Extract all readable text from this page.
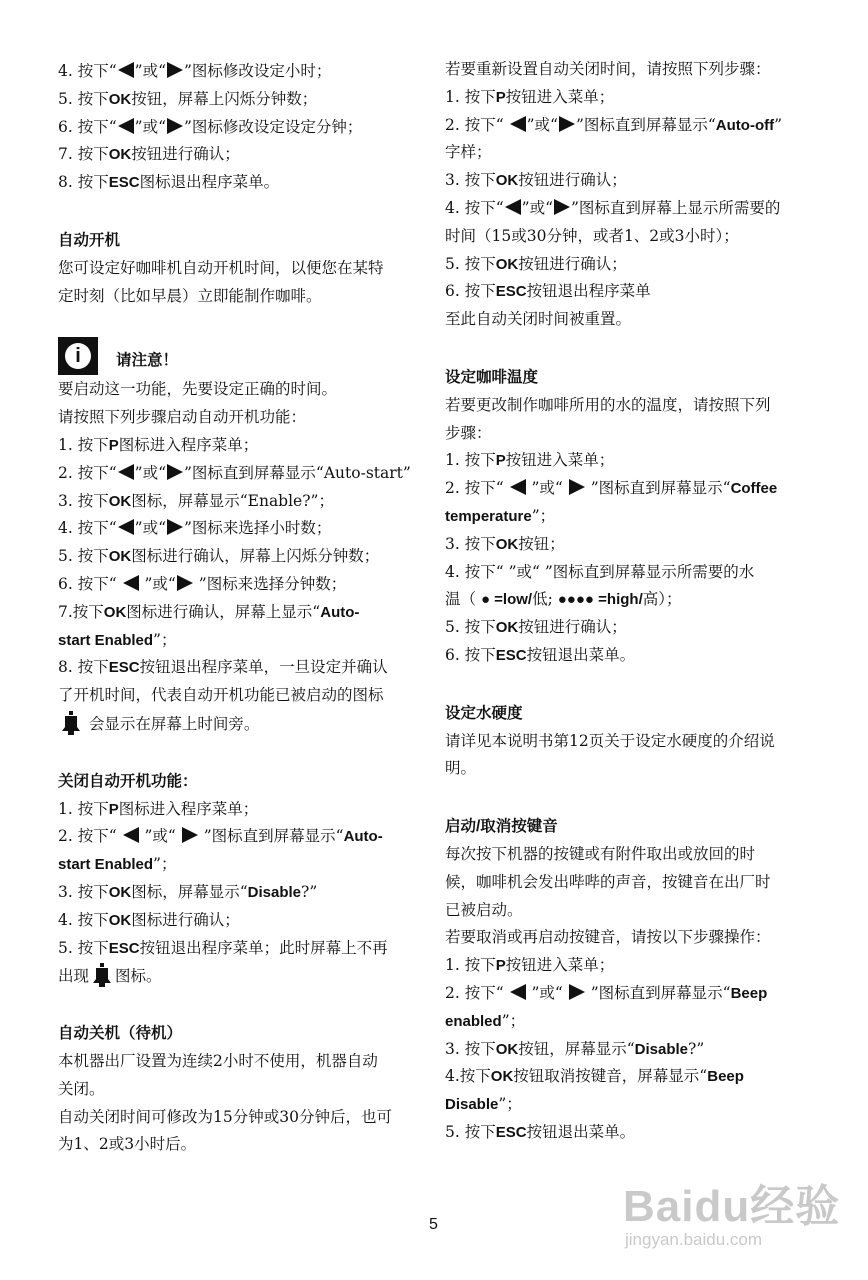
4. 按下“ ”或“ ”图标修改设定小时；
5. 按下OK按钮，屏幕上闪烁分钟数；
6. 按下“ ”或“ ”图标修改设定设定分钟；
7. 按下OK按钮进行确认；
8. 按下ESC图标退出程序菜单。
自动开机
您可设定好咖啡机自动开机时间，以便您在某特
定时刻（比如早晨）立即能制作咖啡。
i	请注意！
要启动这一功能，先要设定正确的时间。
请按照下列步骤启动自动开机功能：
1. 按下P图标进入程序菜单；
2. 按下“ ”或“ ”图标直到屏幕显示“Auto-start”
3. 按下OK图标，屏幕显示“Enable?”；
4. 按下“ ”或“ ”图标来选择小时数；
5. 按下OK图标进行确认，屏幕上闪烁分钟数；
6. 按下“  ”或“ ”图标来选择分钟数；
7.按下OK图标进行确认，屏幕上显示“Auto-
start Enabled”；
8. 按下ESC按钮退出程序菜单，一旦设定并确认
了开机时间，代表自动开机功能已被启动的图标
会显示在屏幕上时间旁。
关闭自动开机功能：
1. 按下P图标进入程序菜单；
2. 按下“  ”或“  ”图标直到屏幕显示“Auto-
start Enabled”；
3. 按下OK图标，屏幕显示“Disable?”
4. 按下OK图标进行确认；
5. 按下ESC按钮退出程序菜单；此时屏幕上不再
出现 图标。
自动关机（待机）
本机器出厂设置为连续2小时不使用，机器自动
关闭。
自动关闭时间可修改为15分钟或30分钟后，也可
为1、2或3小时后。
若要重新设置自动关闭时间，请按照下列步骤：
1. 按下P按钮进入菜单；
2. 按下“ ”或“ ”图标直到屏幕显示“Auto-off”
字样；
3. 按下OK按钮进行确认；
4. 按下“ ”或“ ”图标直到屏幕上显示所需要的
时间（15或30分钟，或者1、2或3小时）；
5. 按下OK按钮进行确认；
6. 按下ESC按钮退出程序菜单
至此自动关闭时间被重置。
设定咖啡温度
若要更改制作咖啡所用的水的温度，请按照下列
步骤：
1. 按下P按钮进入菜单；
2. 按下“  ”或“  ”图标直到屏幕显示“Coffee
temperature”；
3. 按下OK按钮；
4. 按下“ ”或“ ”图标直到屏幕显示所需要的水
温（ ● =low/低; ●●●● =high/高）；
5. 按下OK按钮进行确认；
6. 按下ESC按钮退出菜单。
设定水硬度
请详见本说明书第12页关于设定水硬度的介绍说
明。
启动/取消按键音
每次按下机器的按键或有附件取出或放回的时
候，咖啡机会发出哔哔的声音，按键音在出厂时
已被启动。
若要取消或再启动按键音，请按以下步骤操作：
1. 按下P按钮进入菜单；
2. 按下“  ”或“  ”图标直到屏幕显示“Beep
enabled”；
3. 按下OK按钮，屏幕显示“Disable?”
4.按下OK按钮取消按键音，屏幕显示“Beep
Disable”；
5. 按下ESC按钮退出菜单。
5	Baidu经验
jingyan.baidu.com
